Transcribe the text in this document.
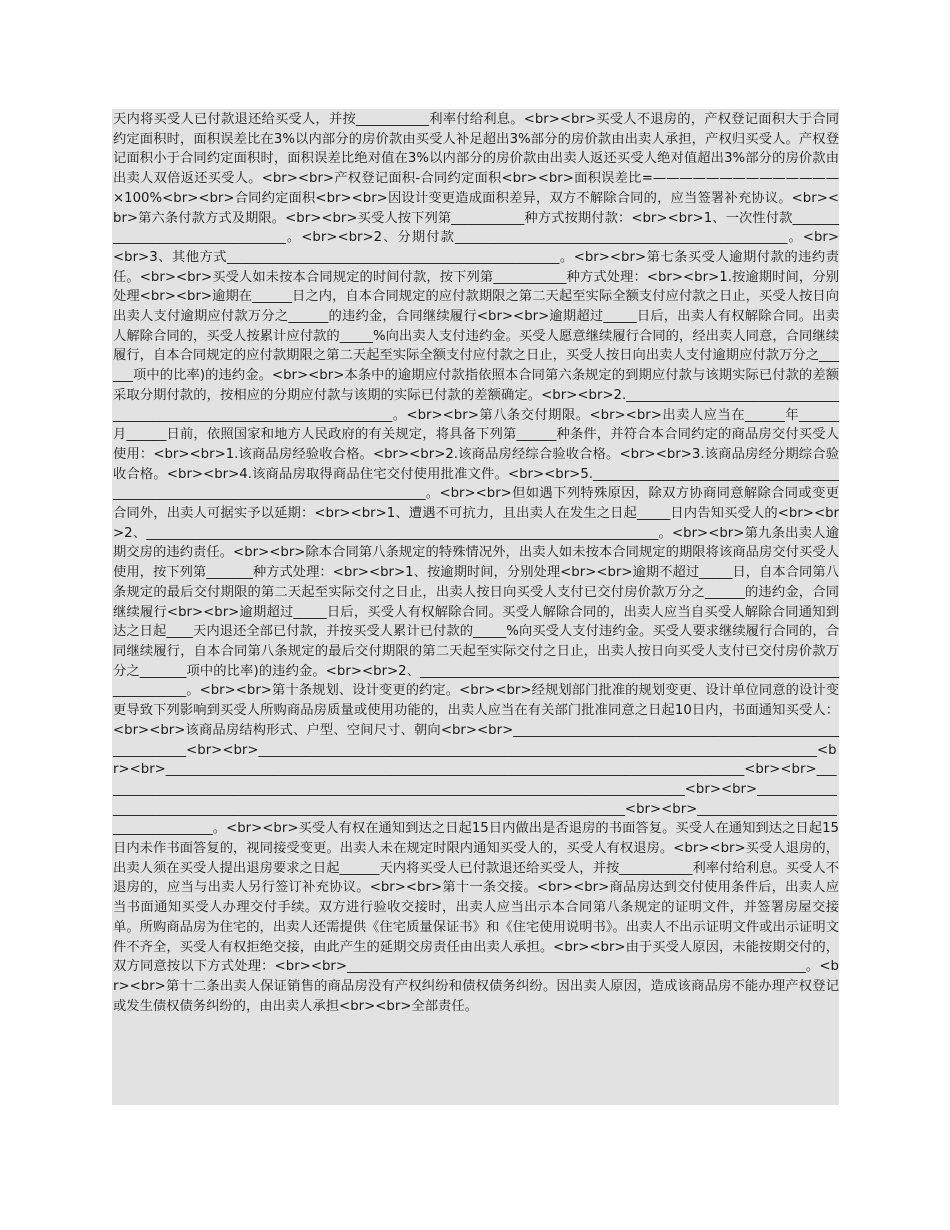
天内将买受人已付款退还给买受人，并按___________利率付给利息。<br><br>买受人不退房的，产权登记面积大于合同约定面积时，面积误差比在3%以内部分的房价款由买受人补足超出3%部分的房价款由出卖人承担，产权归买受人。产权登记面积小于合同约定面积时，面积误差比绝对值在3%以内部分的房价款由出卖人返还买受人绝对值超出3%部分的房价款由出卖人双倍返还买受人。<br><br>产权登记面积-合同约定面积<br><br>面积误差比=——————————————×100%<br><br>合同约定面积<br><br>因设计变更造成面积差异，双方不解除合同的，应当签署补充协议。<br><br>第六条付款方式及期限。<br><br>买受人按下列第___________种方式按期付款：<br><br>1、一次性付款_________________________________。<br><br>2、分期付款__________________________________________________。<br><br>3、其他方式__________________________________________________。<br><br>第七条买受人逾期付款的违约责任。<br><br>买受人如未按本合同规定的时间付款，按下列第___________种方式处理：<br><br>1.按逾期时间，分别处理<br><br>逾期在______日之内，自本合同规定的应付款期限之第二天起至实际全额支付应付款之日止，买受人按日向出卖人支付逾期应付款万分之______的违约金，合同继续履行<br><br>逾期超过_____日后，出卖人有权解除合同。出卖人解除合同的，买受人按累计应付款的_____%向出卖人支付违约金。买受人愿意继续履行合同的，经出卖人同意，合同继续履行，自本合同规定的应付款期限之第二天起至实际全额支付应付款之日止，买受人按日向出卖人支付逾期应付款万分之______项中的比率)的违约金。<br><br>本条中的逾期应付款指依照本合同第六条规定的到期应付款与该期实际已付款的差额采取分期付款的，按相应的分期应付款与该期的实际已付款的差额确定。<br><br>2.__________________________________________________________________________。<br><br>第八条交付期限。<br><br>出卖人应当在______年______月______日前，依照国家和地方人民政府的有关规定，将具备下列第______种条件，并符合本合同约定的商品房交付买受人使用：<br><br>1.该商品房经验收合格。<br><br>2.该商品房经综合验收合格。<br><br>3.该商品房经分期综合验收合格。<br><br>4.该商品房取得商品住宅交付使用批准文件。<br><br>5.____________________________________________________________________________________。<br><br>但如遇下列特殊原因，除双方协商同意解除合同或变更合同外，出卖人可据实予以延期：<br><br>1、遭遇不可抗力，且出卖人在发生之日起_____日内告知买受人的<br><br>2、_____________________________________________________________________________。<br><br>第九条出卖人逾期交房的违约责任。<br><br>除本合同第八条规定的特殊情况外，出卖人如未按本合同规定的期限将该商品房交付买受人使用，按下列第_______种方式处理：<br><br>1、按逾期时间，分别处理<br><br>逾期不超过_____日，自本合同第八条规定的最后交付期限的第二天起至实际交付之日止，出卖人按日向买受人支付已交付房价款万分之______的违约金，合同继续履行<br><br>逾期超过_____日后，买受人有权解除合同。买受人解除合同的，出卖人应当自买受人解除合同通知到达之日起____天内退还全部已付款，并按买受人累计已付款的_____%向买受人支付违约金。买受人要求继续履行合同的，合同继续履行，自本合同第八条规定的最后交付期限的第二天起至实际交付之日止，出卖人按日向买受人支付已交付房价款万分之_______项中的比率)的违约金。<br><br>2、__________________________________________________________________________。<br><br>第十条规划、设计变更的约定。<br><br>经规划部门批准的规划变更、设计单位同意的设计变更导致下列影响到买受人所购商品房质量或使用功能的，出卖人应当在有关部门批准同意之日起10日内，书面通知买受人：<br><br>该商品房结构形式、户型、空间尺寸、朝向<br><br>____________________________________________________________<br><br>____________________________________________________________________________________<br><br>_______________________________________________________________________________________<br><br>_________________________________________________________________________________________<br><br>_________________________________________________________________________________________<br><br>____________________________________。<br><br>买受人有权在通知到达之日起15日内做出是否退房的书面答复。买受人在通知到达之日起15日内未作书面答复的，视同接受变更。出卖人未在规定时限内通知买受人的，买受人有权退房。<br><br>买受人退房的，出卖人须在买受人提出退房要求之日起______天内将买受人已付款退还给买受人，并按___________利率付给利息。买受人不退房的，应当与出卖人另行签订补充协议。<br><br>第十一条交接。<br><br>商品房达到交付使用条件后，出卖人应当书面通知买受人办理交付手续。双方进行验收交接时，出卖人应当出示本合同第八条规定的证明文件，并签署房屋交接单。所购商品房为住宅的，出卖人还需提供《住宅质量保证书》和《住宅使用说明书》。出卖人不出示证明文件或出示证明文件不齐全，买受人有权拒绝交接，由此产生的延期交房责任由出卖人承担。<br><br>由于买受人原因，未能按期交付的，双方同意按以下方式处理：<br><br>_____________________________________________________________________。<br><br>第十二条出卖人保证销售的商品房没有产权纠纷和债权债务纠纷。因出卖人原因，造成该商品房不能办理产权登记或发生债权债务纠纷的，由出卖人承担<br><br>全部责任。
